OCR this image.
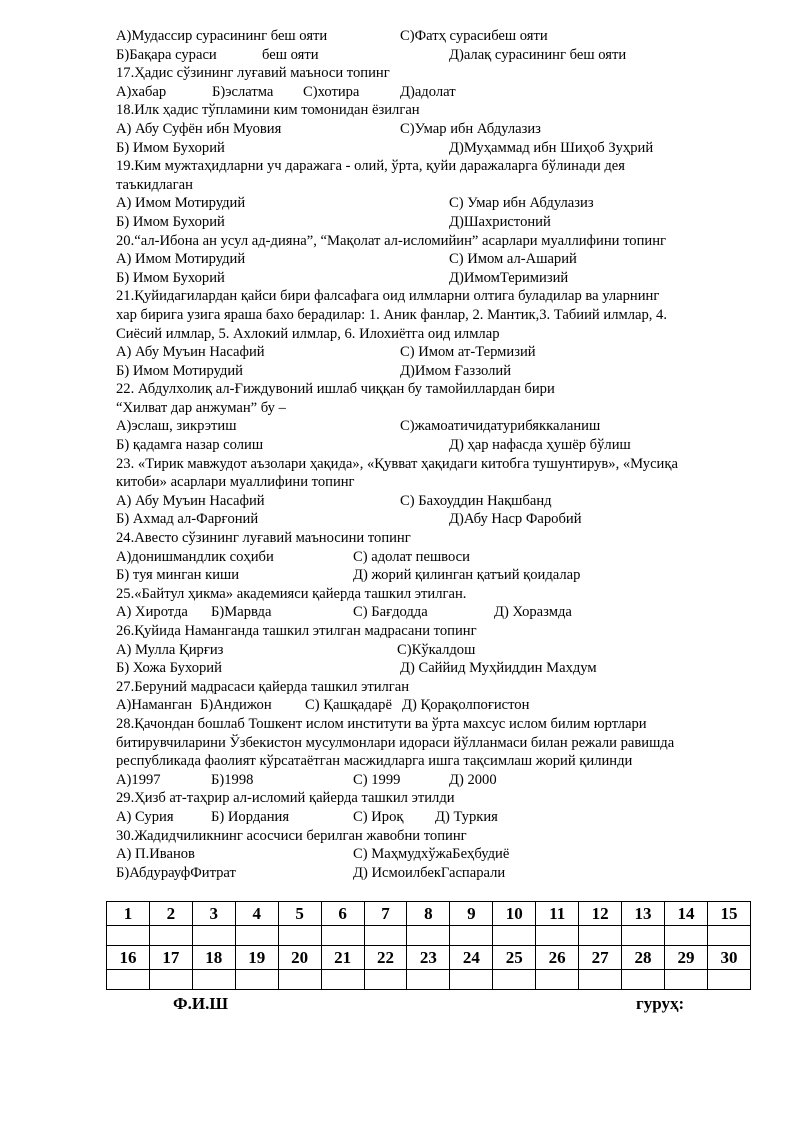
А)Мудассир сурасининг беш ояти	С)Фатҳ сурасибеш ояти
Б)Бақара сураси	беш ояти	Д)алақ сурасининг беш ояти
17.Ҳадис сўзининг луғавий маъноси топинг
А)хабар	Б)эслатма С)хотира	Д)адолат
18.Илк ҳадис тўпламини ким томонидан ёзилган
А) Абу Суфён ибн Муовия	С)Умар ибн Абдулазиз
Б) Имом Бухорий	Д)Муҳаммад ибн Шиҳоб Зуҳрий
19.Ким мужтаҳидларни уч даражага - олий, ўрта, қуйи даражаларга бўлинади дея
таъкидлаган
А) Имом Мотирудий	С) Умар ибн Абдулазиз
Б) Имом Бухорий	Д)Шахристоний
20.“ал-Ибона ан усул ад-дияна”, “Мақолат ал-исломийин” асарлари муаллифини топинг
А) Имом Мотирудий	С) Имом ал-Ашарий
Б) Имом Бухорий	Д)ИмомТеримизий
21.Қуйидагилардан қайси бири фалсафага оид илмларни олтига буладилар ва уларнинг
хар бирига узига яраша бахо берадилар: 1. Аник фанлар, 2. Мантик,3. Табиий илмлар, 4.
Сиёсий илмлар, 5. Ахлокий илмлар, 6. Илохиётга оид илмлар
А) Абу Муъин Насафий	С) Имом ат-Термизий
Б) Имом Мотирудий	Д)Имом Ғаззолий
22. Абдулхолиқ ал-Ғиждувоний ишлаб чиққан бу тамойиллардан бири
“Хилват дар анжуман” бу –
А)эслаш, зикрэтиш	С)жамоатичидатурибяккаланиш
Б) қадамга назар солиш	Д) ҳар нафасда ҳушёр бўлиш
23. «Тирик мавжудот аъзолари ҳақида», «Қувват ҳақидаги китобга тушунтирув», «Мусиқа
китоби» асарлари муаллифини топинг
А) Абу Муъин Насафий	С) Бахоуддин Нақшбанд
Б) Ахмад ал-Фарғоний	Д)Абу Наср Фаробий
24.Авесто сўзининг луғавий маъносини топинг
А)донишмандлик соҳиби	С) адолат пешвоси
Б) туя минган киши	Д) жорий қилинган қатъий қоидалар
25.«Байтул ҳикма» академияси қайерда ташкил этилган.
А) Хиротда Б)Марвда	С) Бағдодда	Д) Хоразмда
26.Қуйида Наманганда ташкил этилган мадрасани топинг
А) Мулла Қирғиз	С)Кўкалдош
Б) Хожа Бухорий	Д) Саййид Муҳйиддин Махдум
27.Беруний мадрасаси қайерда ташкил этилган
А)Наманган Б)Андижон С) Қашқадарё Д) Қорақолпоғистон
28.Қачондан бошлаб Тошкент ислом институти ва ўрта махсус ислом билим юртлари
битирувчиларини Ўзбекистон мусулмонлари идораси йўлланмаси билан режали равишда
республикада фаолият кўрсатаётган масжидларга ишга тақсимлаш жорий қилинди
А)1997	Б)1998	С) 1999	Д) 2000
29.Ҳизб ат-таҳрир ал-исломий қайерда ташкил этилди
А) Сурия	Б) Иордания	С) Ироқ Д) Туркия
30.Жадидчиликнинг асосчиси берилган жавобни топинг
А) П.Иванов	С) МаҳмудхўжаБеҳбудиё
Б)АбдурауфФитрат	Д) ИсмоилбекГаспарали
1	2	3	4	5	6	7	8	9	10	11	12	13	14	15

16	17	18	19	20	21	22	23	24	25	26	27	28	29	30

Ф.И.Ш	гуруҳ:
